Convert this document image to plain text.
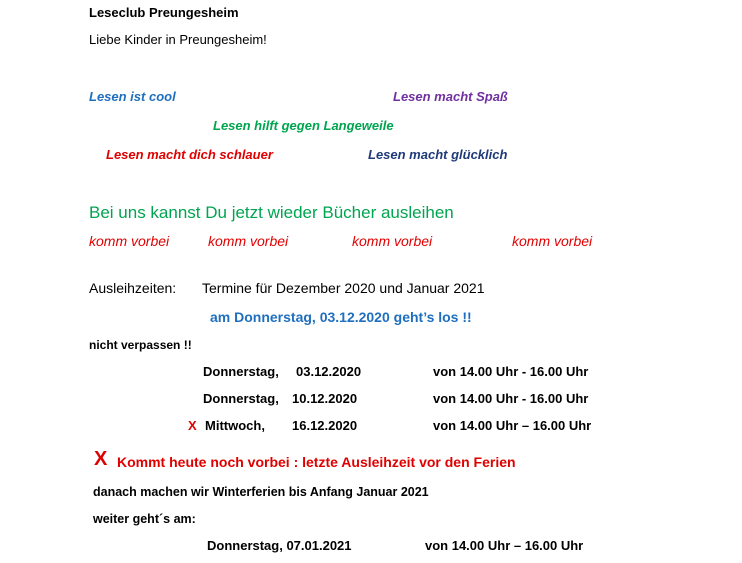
Leseclub Preungesheim
Liebe Kinder in Preungesheim!
Lesen ist cool	Lesen macht Spaß
Lesen hilft gegen Langeweile
Lesen macht dich schlauer	Lesen macht glücklich
Bei uns kannst Du jetzt wieder Bücher ausleihen
komm vorbei	komm vorbei	komm vorbei	komm vorbei
Ausleihzeiten: Termine für Dezember 2020 und Januar 2021
am Donnerstag, 03.12.2020 geht’s los !!
nicht verpassen !!
Donnerstag, 03.12.2020	von 14.00 Uhr - 16.00 Uhr
Donnerstag, 10.12.2020	von 14.00 Uhr - 16.00 Uhr
X Mittwoch, 16.12.2020	von 14.00 Uhr – 16.00 Uhr
X Kommt heute noch vorbei : letzte Ausleihzeit vor den Ferien
danach machen wir Winterferien bis Anfang Januar 2021
weiter geht´s am:
Donnerstag, 07.01.2021	von 14.00 Uhr – 16.00 Uhr
